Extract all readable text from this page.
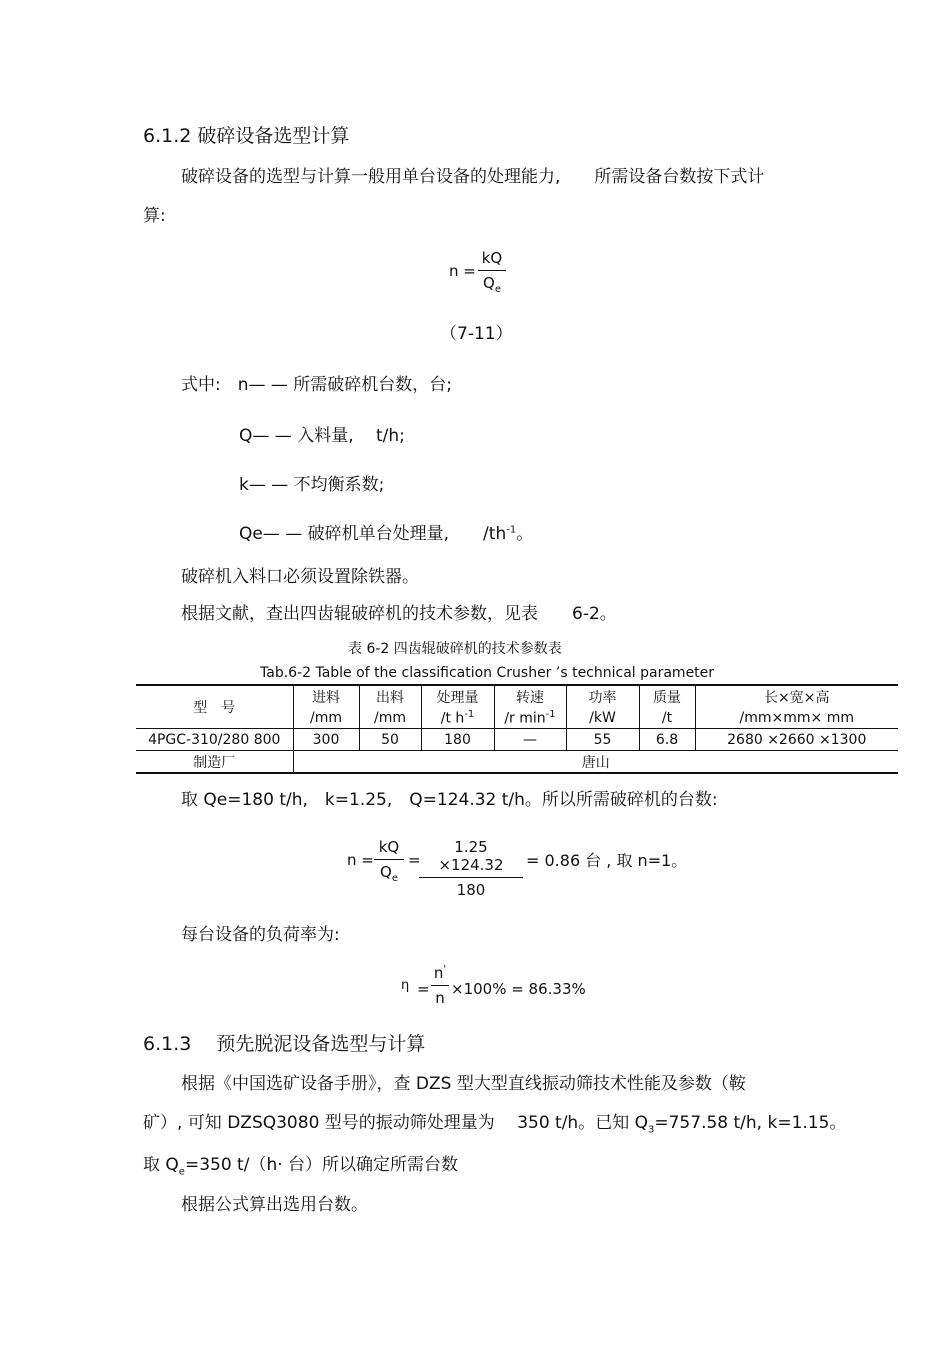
6.1.2 破碎设备选型计算
破碎设备的选型与计算一般用单台设备的处理能力,　　所需设备台数按下式计
算:
n =
kQ
$Q_e$
（7-11）
式中:　n— — 所需破碎机台数，台;
Q— — 入料量,　 t/h;
k— — 不均衡系数;
Qe— — 破碎机单台处理量,　　$/th^{-1}$。
破碎机入料口必须设置除铁器。
根据文献，查出四齿辊破碎机的技术参数，见表　　6-2。
表 6-2 四齿辊破碎机的技术参数表
Tab.6-2 Table of the classification Crusher ’s technical parameter
型　号	进料	出料	处理量	转速	功率	质量	长×宽×高
	/mm	/mm	/t $h^{-1}$	/r $\min^{-1}$	/kW	/t	/mm×mm× mm
4PGC-310/280 800	300	50	180	—	55	6.8	2680 ×2660 ×1300
制造厂	唐山						
取 Qe=180 t/h,　k=1.25,　Q=124.32 t/h。所以所需破碎机的台数:
n =
kQ
$Q_e$
=
1.25 ×124.32
180
= 0.86 台 , 取 n=1。
每台设备的负荷率为:
η =
n'
n ×100% = 86.33%
6.1.3　 预先脱泥设备选型与计算
根据《中国选矿设备手册》，查 DZS 型大型直线振动筛技术性能及参数（鞍
矿）, 可知 DZSQ3080 型号的振动筛处理量为　 350 t/h。已知 $Q_3=757.58$ t/h, k=1.15。
取 $Q_e=350$ t/（h· 台）所以确定所需台数
根据公式算出选用台数。
